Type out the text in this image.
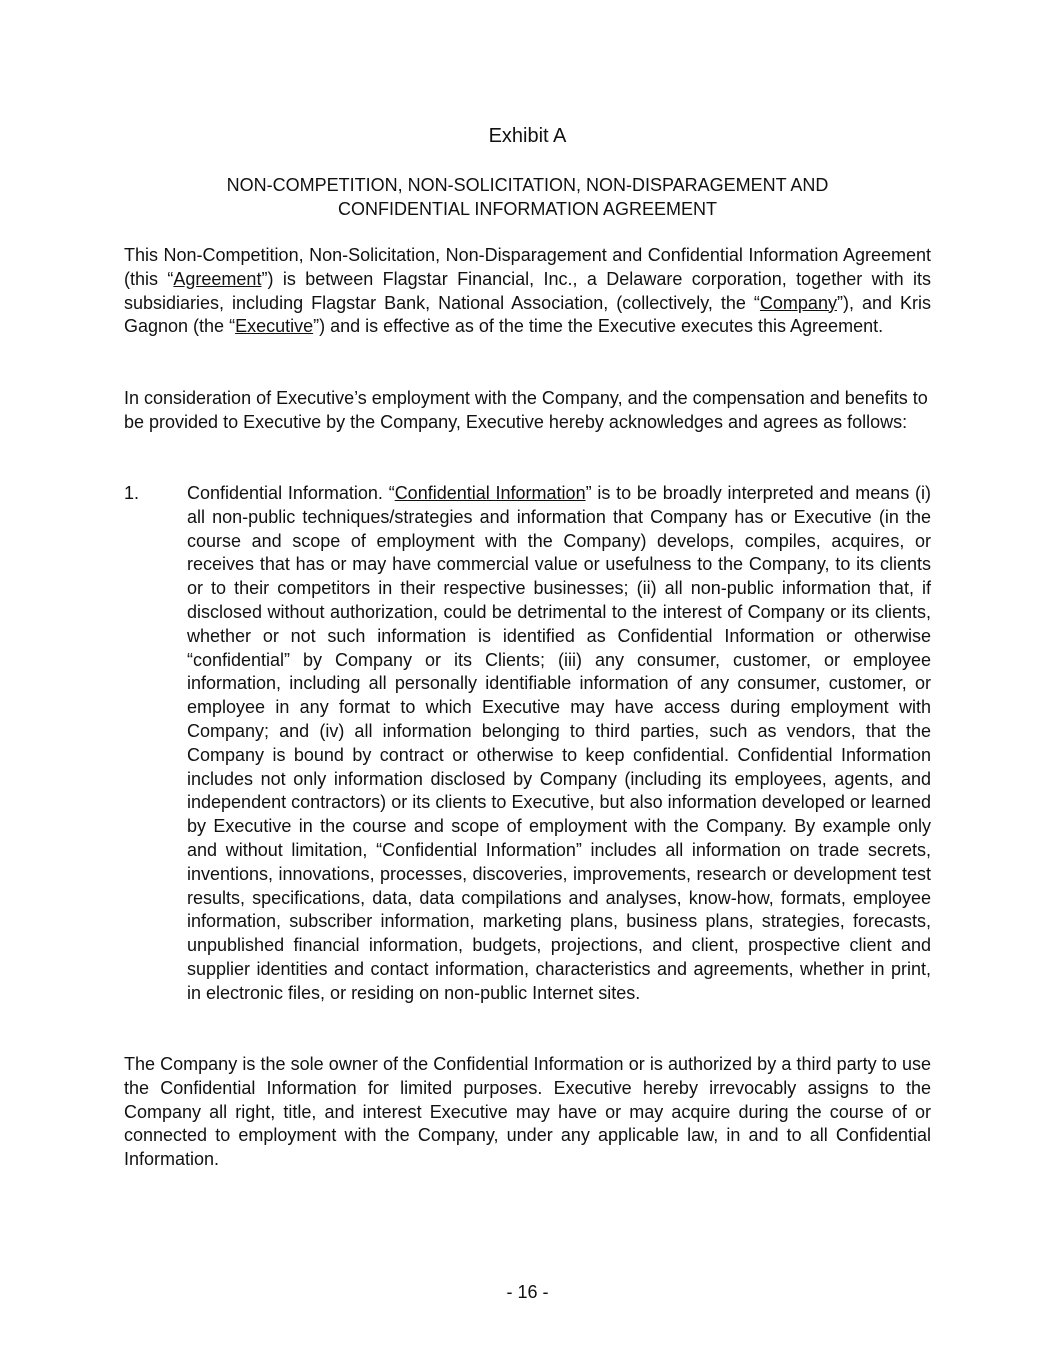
Exhibit A
NON-COMPETITION, NON-SOLICITATION, NON-DISPARAGEMENT AND
CONFIDENTIAL INFORMATION AGREEMENT

This Non-Competition, Non-Solicitation, Non-Disparagement and Confidential Information Agreement (this “Agreement”) is between Flagstar Financial, Inc., a Delaware corporation, together with its subsidiaries, including Flagstar Bank, National Association, (collectively, the “Company”), and Kris Gagnon (the “Executive”) and is effective as of the time the Executive executes this Agreement.

In consideration of Executive’s employment with the Company, and the compensation and benefits to be provided to Executive by the Company, Executive hereby acknowledges and agrees as follows:

1.	Confidential Information. “Confidential Information” is to be broadly interpreted and means (i) all non-public techniques/strategies and information that Company has or Executive (in the course and scope of employment with the Company) develops, compiles, acquires, or receives that has or may have commercial value or usefulness to the Company, to its clients or to their competitors in their respective businesses; (ii) all non-public information that, if disclosed without authorization, could be detrimental to the interest of Company or its clients, whether or not such information is identified as Confidential Information or otherwise “confidential” by Company or its Clients; (iii) any consumer, customer, or employee information, including all personally identifiable information of any consumer, customer, or employee in any format to which Executive may have access during employment with Company; and (iv) all information belonging to third parties, such as vendors, that the Company is bound by contract or otherwise to keep confidential. Confidential Information includes not only information disclosed by Company (including its employees, agents, and independent contractors) or its clients to Executive, but also information developed or learned by Executive in the course and scope of employment with the Company. By example only and without limitation, “Confidential Information” includes all information on trade secrets, inventions, innovations, processes, discoveries, improvements, research or development test results, specifications, data, data compilations and analyses, know-how, formats, employee information, subscriber information, marketing plans, business plans, strategies, forecasts, unpublished financial information, budgets, projections, and client, prospective client and supplier identities and contact information, characteristics and agreements, whether in print, in electronic files, or residing on non-public Internet sites.

The Company is the sole owner of the Confidential Information or is authorized by a third party to use the Confidential Information for limited purposes. Executive hereby irrevocably assigns to the Company all right, title, and interest Executive may have or may acquire during the course of or connected to employment with the Company, under any applicable law, in and to all Confidential Information.

- 16 -
